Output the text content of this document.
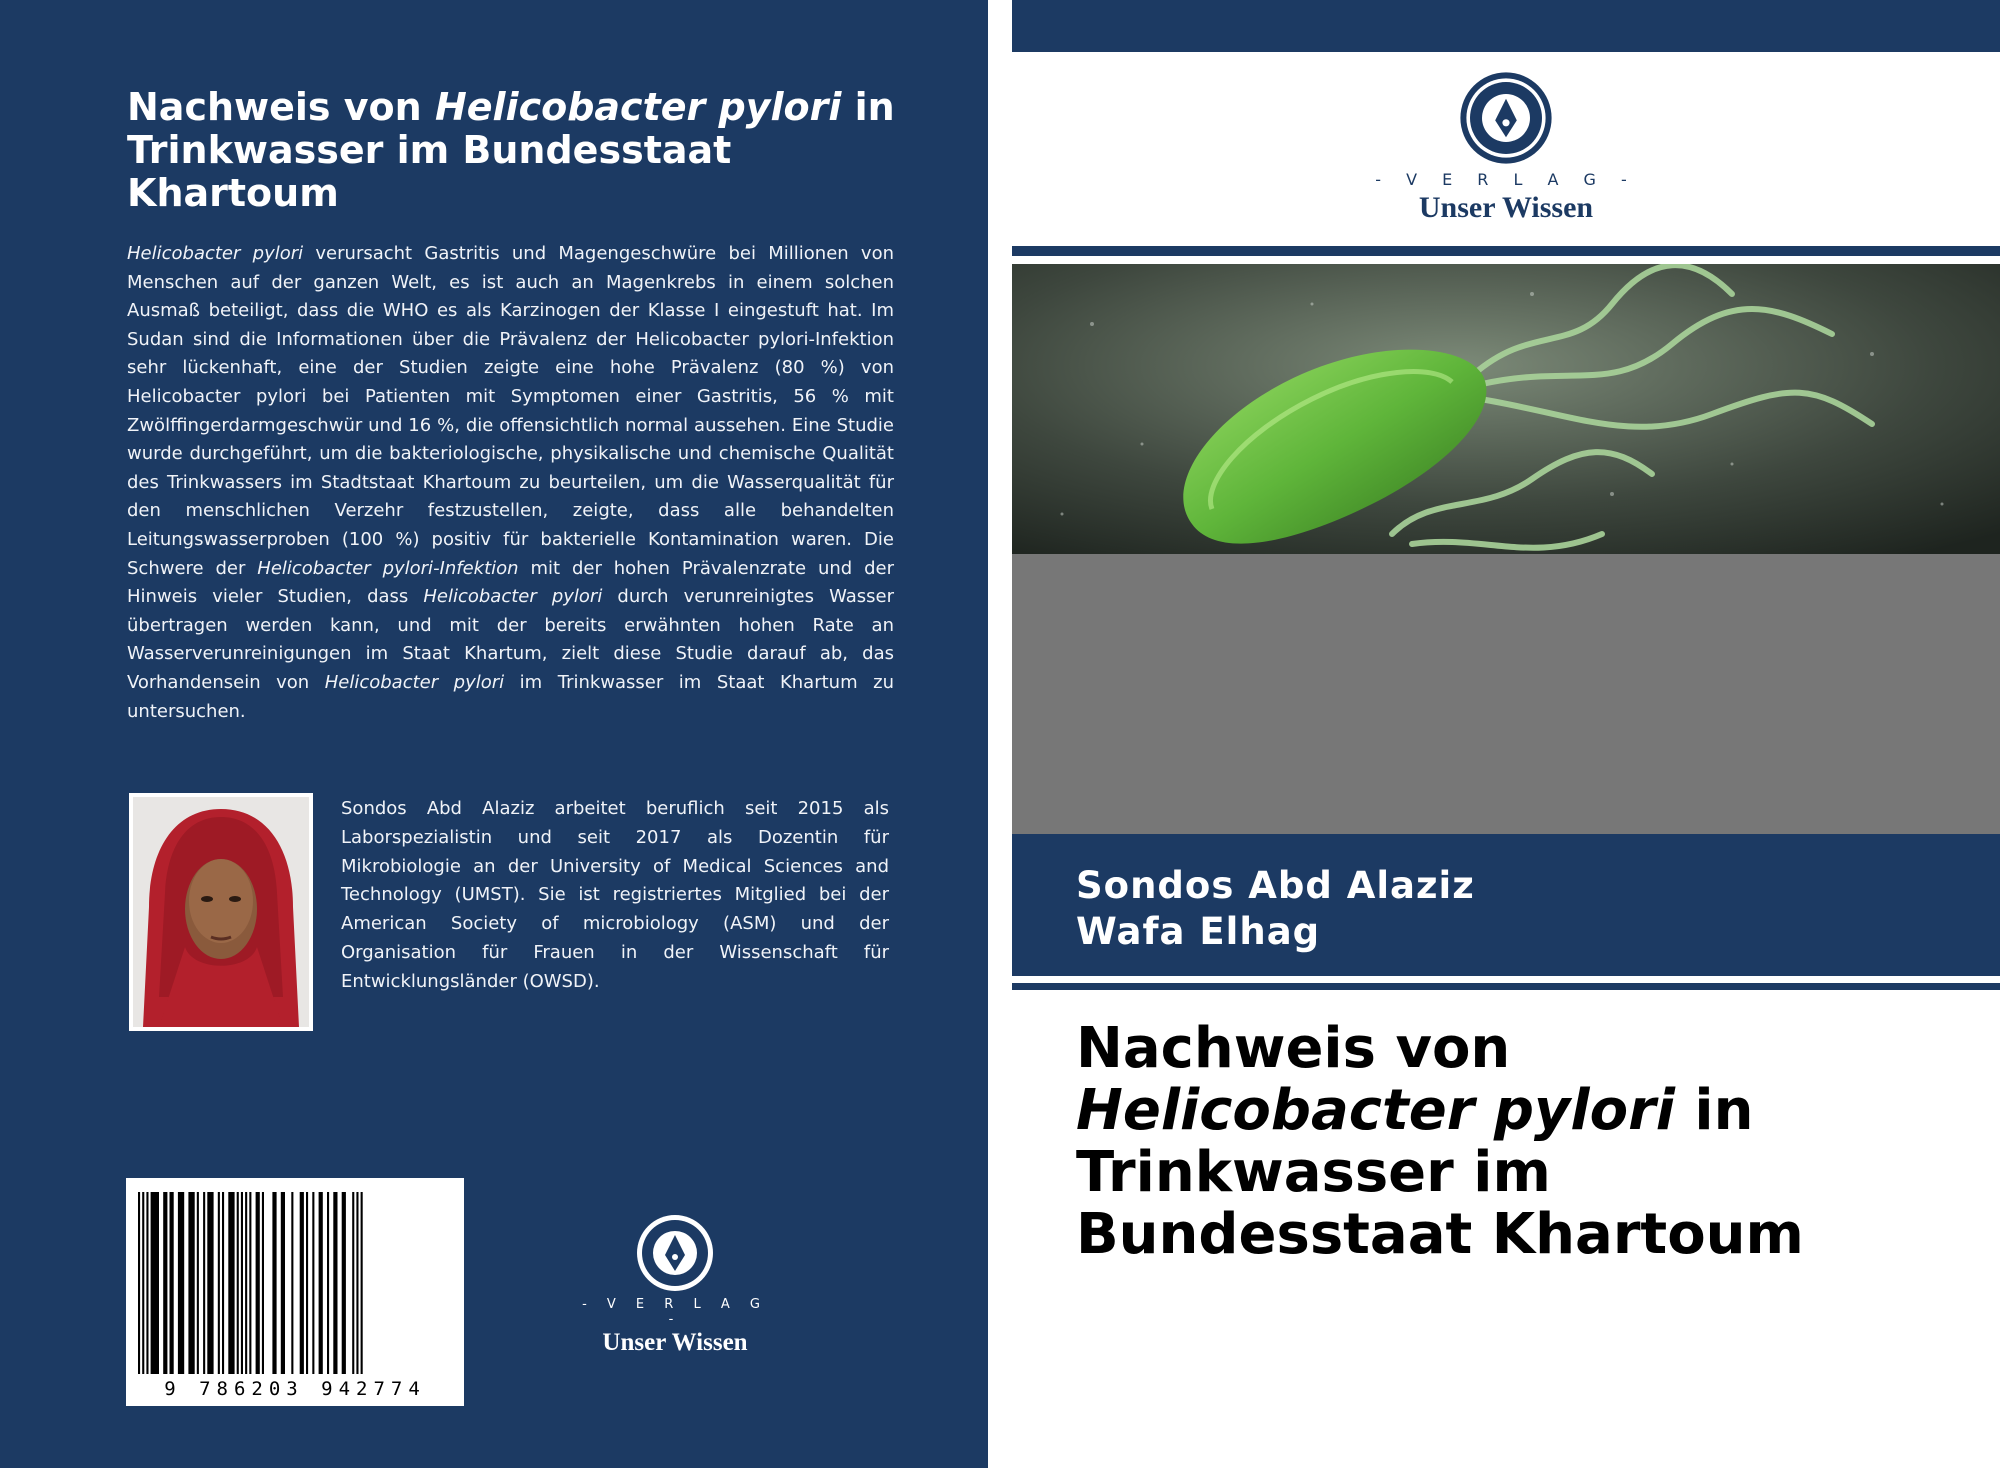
Nachweis von Helicobacter pylori in Trinkwasser im Bundesstaat Khartoum

Helicobacter pylori verursacht Gastritis und Magengeschwüre bei Millionen von Menschen auf der ganzen Welt, es ist auch an Magenkrebs in einem solchen Ausmaß beteiligt, dass die WHO es als Karzinogen der Klasse I eingestuft hat. Im Sudan sind die Informationen über die Prävalenz der Helicobacter pylori-Infektion sehr lückenhaft, eine der Studien zeigte eine hohe Prävalenz (80 %) von Helicobacter pylori bei Patienten mit Symptomen einer Gastritis, 56 % mit Zwölffingerdarmgeschwür und 16 %, die offensichtlich normal aussehen. Eine Studie wurde durchgeführt, um die bakteriologische, physikalische und chemische Qualität des Trinkwassers im Stadtstaat Khartoum zu beurteilen, um die Wasserqualität für den menschlichen Verzehr festzustellen, zeigte, dass alle behandelten Leitungswasserproben (100 %) positiv für bakterielle Kontamination waren. Die Schwere der Helicobacter pylori-Infektion mit der hohen Prävalenzrate und der Hinweis vieler Studien, dass Helicobacter pylori durch verunreinigtes Wasser übertragen werden kann, und mit der bereits erwähnten hohen Rate an Wasserverunreinigungen im Staat Khartum, zielt diese Studie darauf ab, das Vorhandensein von Helicobacter pylori im Trinkwasser im Staat Khartum zu untersuchen.

Sondos Abd Alaziz arbeitet beruflich seit 2015 als Laborspezialistin und seit 2017 als Dozentin für Mikrobiologie an der University of Medical Sciences and Technology (UMST). Sie ist registriertes Mitglied bei der American Society of microbiology (ASM) und der Organisation für Frauen in der Wissenschaft für Entwicklungsländer (OWSD).

9 786203 942774
- V E R L A G -
Unser Wissen
- V E R L A G -
Unser Wissen

Sondos Abd Alaziz

Wafa Elhag

Nachweis von
Helicobacter pylori in
Trinkwasser im
Bundesstaat Khartoum
